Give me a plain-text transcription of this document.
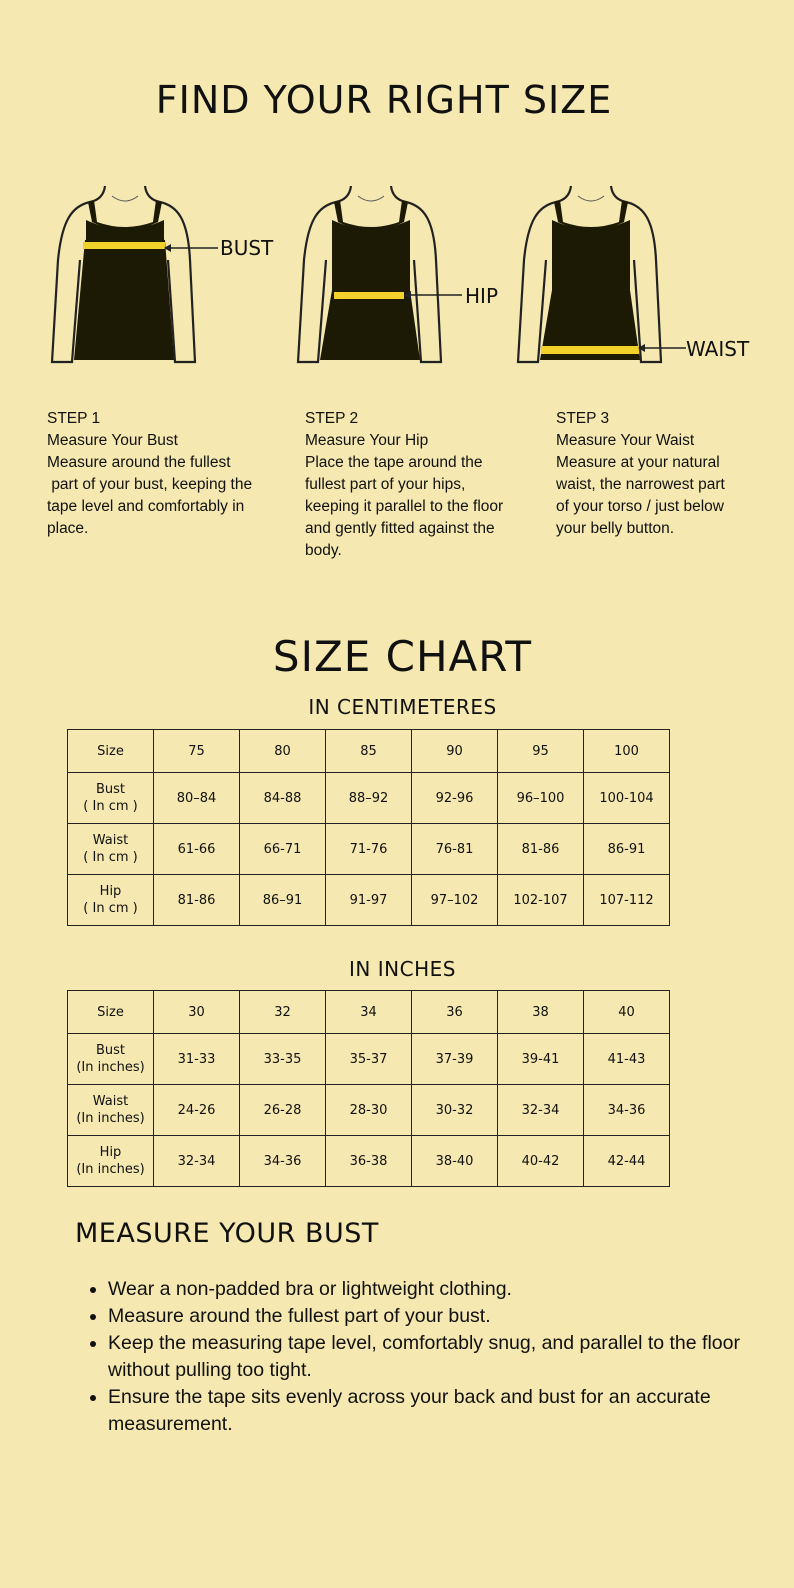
FIND YOUR RIGHT SIZE
BUST
HIP
WAIST
STEP 1
Measure Your Bust
Measure around the fullest
part of your bust, keeping the tape level and comfortably in place.
STEP 2
Measure Your Hip
Place the tape around the fullest part of your hips, keeping it parallel to the floor and gently fitted against the body.
STEP 3
Measure Your Waist
Measure at your natural waist, the narrowest part of your torso / just below your belly button.
SIZE CHART
IN CENTIMETERES
Size	75	80	85	90	95	100
Bust
( In cm )	80–84	84-88	88–92	92-96	96–100	100-104
Waist
( In cm )	61-66	66-71	71-76	76-81	81-86	86-91
Hip
( In cm )	81-86	86–91	91-97	97–102	102-107	107-112
IN INCHES
Size	30	32	34	36	38	40
Bust
(In inches)	31-33	33-35	35-37	37-39	39-41	41-43
Waist
(In inches)	24-26	26-28	28-30	30-32	32-34	34-36
Hip
(In inches)	32-34	34-36	36-38	38-40	40-42	42-44
MEASURE YOUR BUST
• Wear a non-padded bra or lightweight clothing.
• Measure around the fullest part of your bust.
• Keep the measuring tape level, comfortably snug, and parallel to the floor without pulling too tight.
• Ensure the tape sits evenly across your back and bust for an accurate measurement.
